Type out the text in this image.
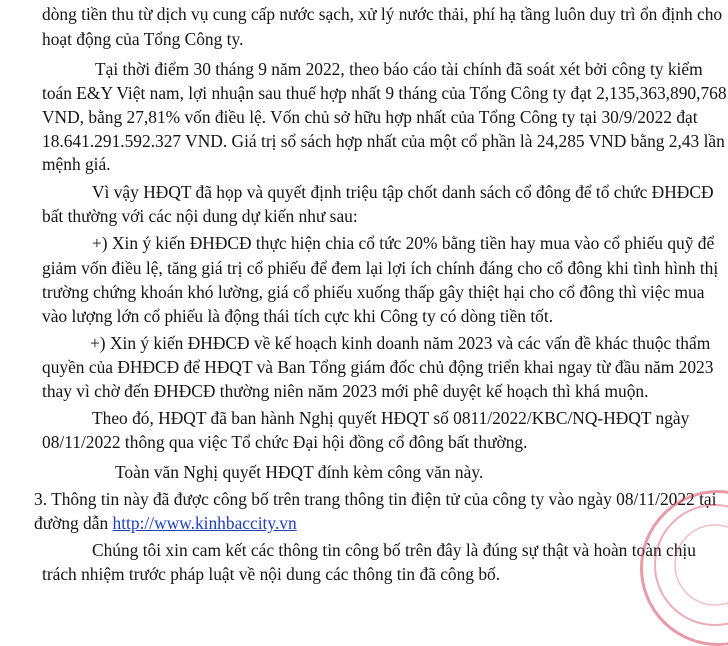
dòng tiền thu từ dịch vụ cung cấp nước sạch, xử lý nước thải, phí hạ tầng luôn duy trì ổn định cho
hoạt động của Tổng Công ty.
Tại thời điểm 30 tháng 9 năm 2022, theo báo cáo tài chính đã soát xét bởi công ty kiểm
toán E&Y Việt nam, lợi nhuận sau thuế hợp nhất 9 tháng của Tổng Công ty đạt 2,135,363,890,768
VND, bằng 27,81% vốn điều lệ. Vốn chủ sở hữu hợp nhất của Tổng Công ty tại 30/9/2022 đạt
18.641.291.592.327 VND. Giá trị sổ sách hợp nhất của một cổ phần là 24,285 VND bằng 2,43 lần
mệnh giá.
Vì vậy HĐQT đã họp và quyết định triệu tập chốt danh sách cổ đông để tổ chức ĐHĐCĐ
bất thường với các nội dung dự kiến như sau:
+) Xin ý kiến ĐHĐCĐ thực hiện chia cổ tức 20% bằng tiền hay mua vào cổ phiếu quỹ để
giảm vốn điều lệ, tăng giá trị cổ phiếu để đem lại lợi ích chính đáng cho cổ đông khi tình hình thị
trường chứng khoán khó lường, giá cổ phiếu xuống thấp gây thiệt hại cho cổ đông thì việc mua
vào lượng lớn cổ phiếu là động thái tích cực khi Công ty có dòng tiền tốt.
+) Xin ý kiến ĐHĐCĐ về kế hoạch kinh doanh năm 2023 và các vấn đề khác thuộc thẩm
quyền của ĐHĐCĐ để HĐQT và Ban Tổng giám đốc chủ động triển khai ngay từ đầu năm 2023
thay vì chờ đến ĐHĐCĐ thường niên năm 2023 mới phê duyệt kế hoạch thì khá muộn.
Theo đó, HĐQT đã ban hành Nghị quyết HĐQT số 0811/2022/KBC/NQ-HĐQT ngày
08/11/2022 thông qua việc Tổ chức Đại hội đồng cổ đông bất thường.
Toàn văn Nghị quyết HĐQT đính kèm công văn này.
3. Thông tin này đã được công bố trên trang thông tin điện tử của công ty vào ngày 08/11/2022 tại
đường dẫn http://www.kinhbaccity.vn
Chúng tôi xin cam kết các thông tin công bố trên đây là đúng sự thật và hoàn toàn chịu
trách nhiệm trước pháp luật về nội dung các thông tin đã công bố.
